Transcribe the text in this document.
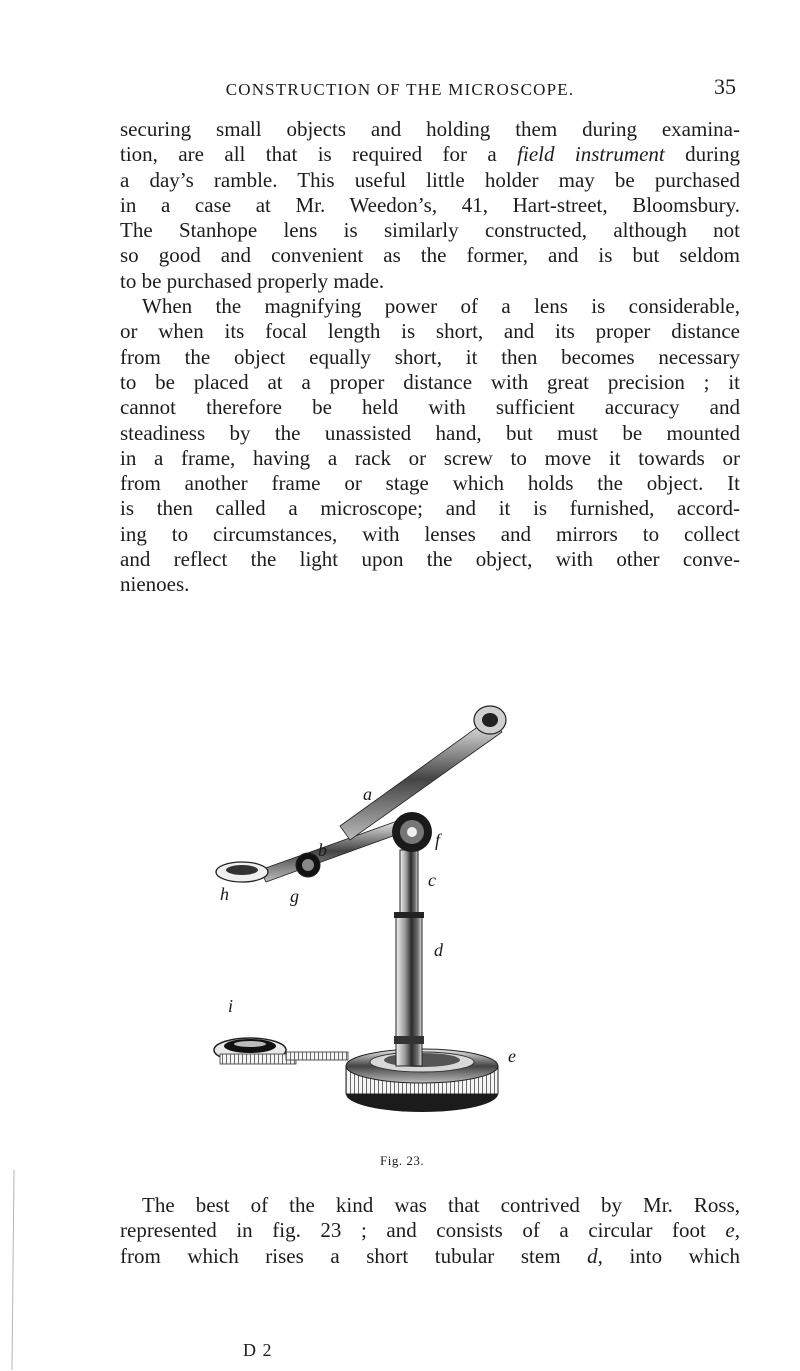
CONSTRUCTION OF THE MICROSCOPE.	35
securing small objects and holding them during examina-
tion, are all that is required for a field instrument during
a day’s ramble. This useful little holder may be purchased
in a case at Mr. Weedon’s, 41, Hart-street, Bloomsbury.
The Stanhope lens is similarly constructed, although not
so good and convenient as the former, and is but seldom
to be purchased properly made.
When the magnifying power of a lens is considerable,
or when its focal length is short, and its proper distance
from the object equally short, it then becomes necessary
to be placed at a proper distance with great precision ; it
cannot therefore be held with sufficient accuracy and
steadiness by the unassisted hand, but must be mounted
in a frame, having a rack or screw to move it towards or
from another frame or stage which holds the object. It
is then called a microscope; and it is furnished, accord-
ing to circumstances, with lenses and mirrors to collect
and reflect the light upon the object, with other conve-
nienoes.
a
b
c
d
e
f
g
h
i
Fig. 23.
The best of the kind was that contrived by Mr. Ross,
represented in fig. 23 ; and consists of a circular foot e,
from which rises a short tubular stem d, into which
D 2
